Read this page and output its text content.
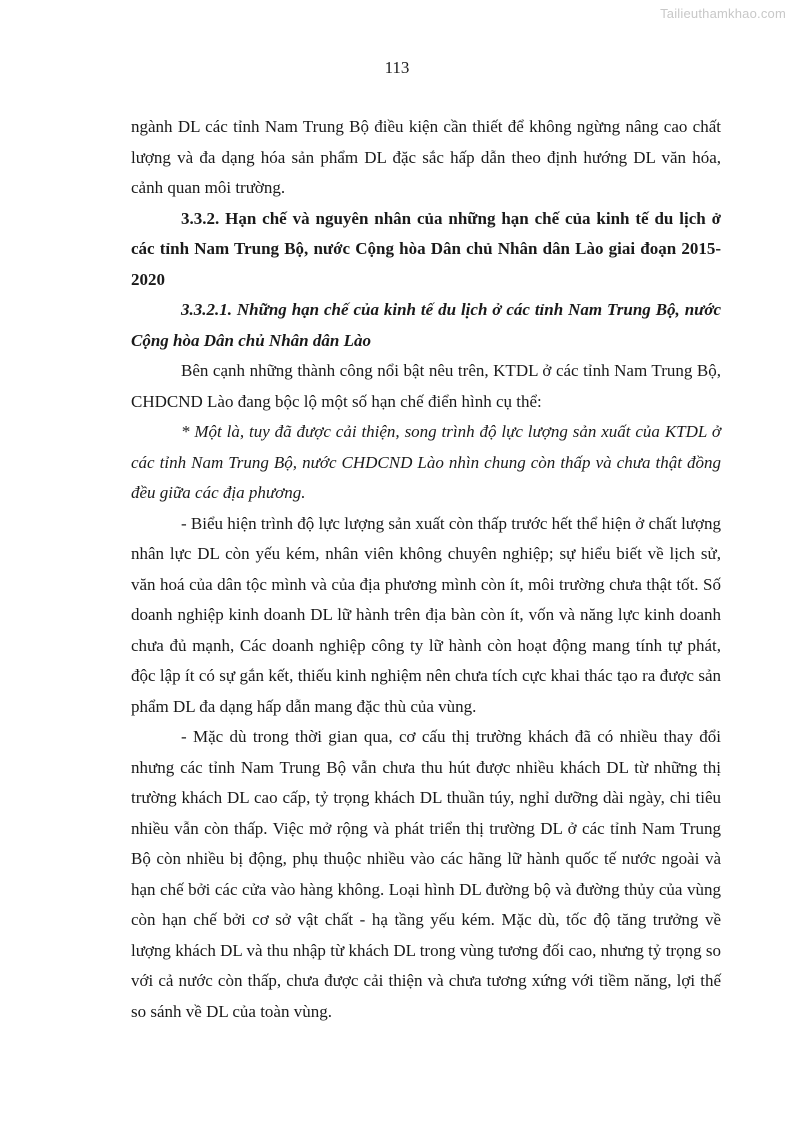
Tailieuthamkhao.com
113

ngành DL các tỉnh Nam Trung Bộ điều kiện cần thiết để không ngừng nâng cao chất lượng và đa dạng hóa sản phẩm DL đặc sắc hấp dẫn theo định hướng DL văn hóa, cảnh quan môi trường.

3.3.2. Hạn chế và nguyên nhân của những hạn chế của kinh tế du lịch ở các tỉnh Nam Trung Bộ, nước Cộng hòa Dân chủ Nhân dân Lào giai đoạn 2015-2020

3.3.2.1. Những hạn chế của kinh tế du lịch ở các tỉnh Nam Trung Bộ, nước Cộng hòa Dân chủ Nhân dân Lào

Bên cạnh những thành công nổi bật nêu trên, KTDL ở các tỉnh Nam Trung Bộ, CHDCND Lào đang bộc lộ một số hạn chế điển hình cụ thể:

* Một là, tuy đã được cải thiện, song trình độ lực lượng sản xuất của KTDL ở các tỉnh Nam Trung Bộ, nước CHDCND Lào nhìn chung còn thấp và chưa thật đồng đều giữa các địa phương.

- Biểu hiện trình độ lực lượng sản xuất còn thấp trước hết thể hiện ở chất lượng nhân lực DL còn yếu kém, nhân viên không chuyên nghiệp; sự hiểu biết về lịch sử, văn hoá của dân tộc mình và của địa phương mình còn ít, môi trường chưa thật tốt. Số doanh nghiệp kinh doanh DL lữ hành trên địa bàn còn ít, vốn và năng lực kinh doanh chưa đủ mạnh, Các doanh nghiệp công ty lữ hành còn hoạt động mang tính tự phát, độc lập ít có sự gắn kết, thiếu kinh nghiệm nên chưa tích cực khai thác tạo ra được sản phẩm DL đa dạng hấp dẫn mang đặc thù của vùng.

- Mặc dù trong thời gian qua, cơ cấu thị trường khách đã có nhiều thay đổi nhưng các tỉnh Nam Trung Bộ vẫn chưa thu hút được nhiều khách DL từ những thị trường khách DL cao cấp, tỷ trọng khách DL thuần túy, nghỉ dưỡng dài ngày, chi tiêu nhiều vẫn còn thấp. Việc mở rộng và phát triển thị trường DL ở các tỉnh Nam Trung Bộ còn nhiều bị động, phụ thuộc nhiều vào các hãng lữ hành quốc tế nước ngoài và hạn chế bởi các cửa vào hàng không. Loại hình DL đường bộ và đường thủy của vùng còn hạn chế bởi cơ sở vật chất - hạ tầng yếu kém. Mặc dù, tốc độ tăng trưởng về lượng khách DL và thu nhập từ khách DL trong vùng tương đối cao, nhưng tỷ trọng so với cả nước còn thấp, chưa được cải thiện và chưa tương xứng với tiềm năng, lợi thế so sánh về DL của toàn vùng.
